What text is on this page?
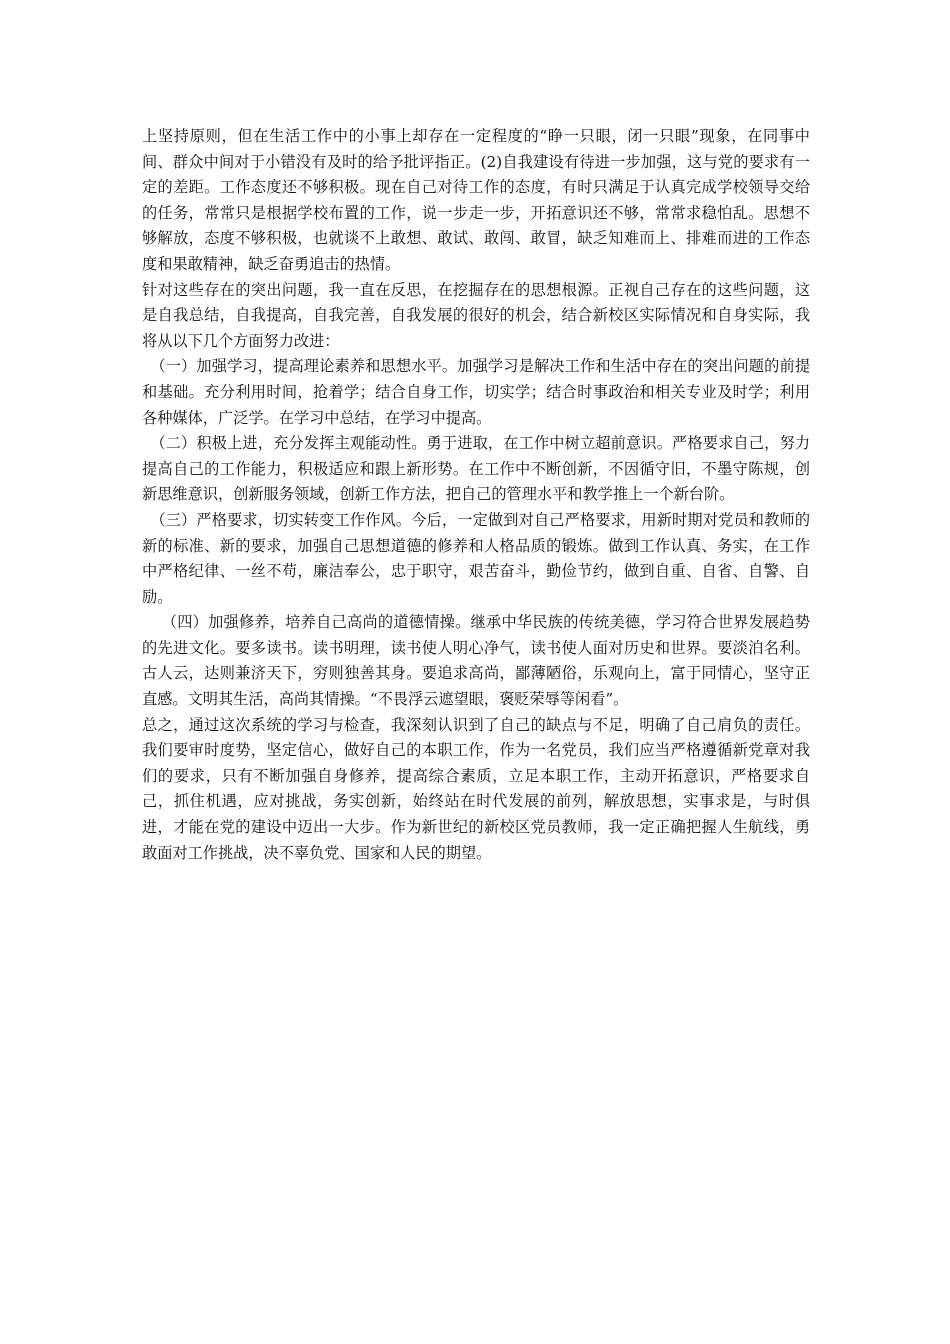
上坚持原则，但在生活工作中的小事上却存在一定程度的“睁一只眼，闭一只眼”现象，在同事中间、群众中间对于小错没有及时的给予批评指正。(2)自我建设有待进一步加强，这与党的要求有一定的差距。工作态度还不够积极。现在自己对待工作的态度，有时只满足于认真完成学校领导交给的任务，常常只是根据学校布置的工作，说一步走一步，开拓意识还不够，常常求稳怕乱。思想不够解放，态度不够积极，也就谈不上敢想、敢试、敢闯、敢冒，缺乏知难而上、排难而进的工作态度和果敢精神，缺乏奋勇追击的热情。

针对这些存在的突出问题，我一直在反思，在挖掘存在的思想根源。正视自己存在的这些问题，这是自我总结，自我提高，自我完善，自我发展的很好的机会，结合新校区实际情况和自身实际，我将从以下几个方面努力改进：

（一）加强学习，提高理论素养和思想水平。加强学习是解决工作和生活中存在的突出问题的前提和基础。充分利用时间，抢着学；结合自身工作，切实学；结合时事政治和相关专业及时学；利用各种媒体，广泛学。在学习中总结，在学习中提高。

（二）积极上进，充分发挥主观能动性。勇于进取，在工作中树立超前意识。严格要求自己，努力提高自己的工作能力，积极适应和跟上新形势。在工作中不断创新，不因循守旧，不墨守陈规，创新思维意识，创新服务领域，创新工作方法，把自己的管理水平和教学推上一个新台阶。

（三）严格要求，切实转变工作作风。今后，一定做到对自己严格要求，用新时期对党员和教师的新的标准、新的要求，加强自己思想道德的修养和人格品质的锻炼。做到工作认真、务实，在工作中严格纪律、一丝不苟，廉洁奉公，忠于职守，艰苦奋斗，勤俭节约，做到自重、自省、自警、自励。

（四）加强修养，培养自己高尚的道德情操。继承中华民族的传统美德，学习符合世界发展趋势的先进文化。要多读书。读书明理，读书使人明心净气，读书使人面对历史和世界。要淡泊名利。古人云，达则兼济天下，穷则独善其身。要追求高尚，鄙薄陋俗，乐观向上，富于同情心，坚守正直感。文明其生活，高尚其情操。“不畏浮云遮望眼，褒贬荣辱等闲看”。

总之，通过这次系统的学习与检查，我深刻认识到了自己的缺点与不足，明确了自己肩负的责任。我们要审时度势，坚定信心，做好自己的本职工作，作为一名党员，我们应当严格遵循新党章对我们的要求，只有不断加强自身修养，提高综合素质，立足本职工作，主动开拓意识，严格要求自己，抓住机遇，应对挑战，务实创新，始终站在时代发展的前列，解放思想，实事求是，与时俱进，才能在党的建设中迈出一大步。作为新世纪的新校区党员教师，我一定正确把握人生航线，勇敢面对工作挑战，决不辜负党、国家和人民的期望。
